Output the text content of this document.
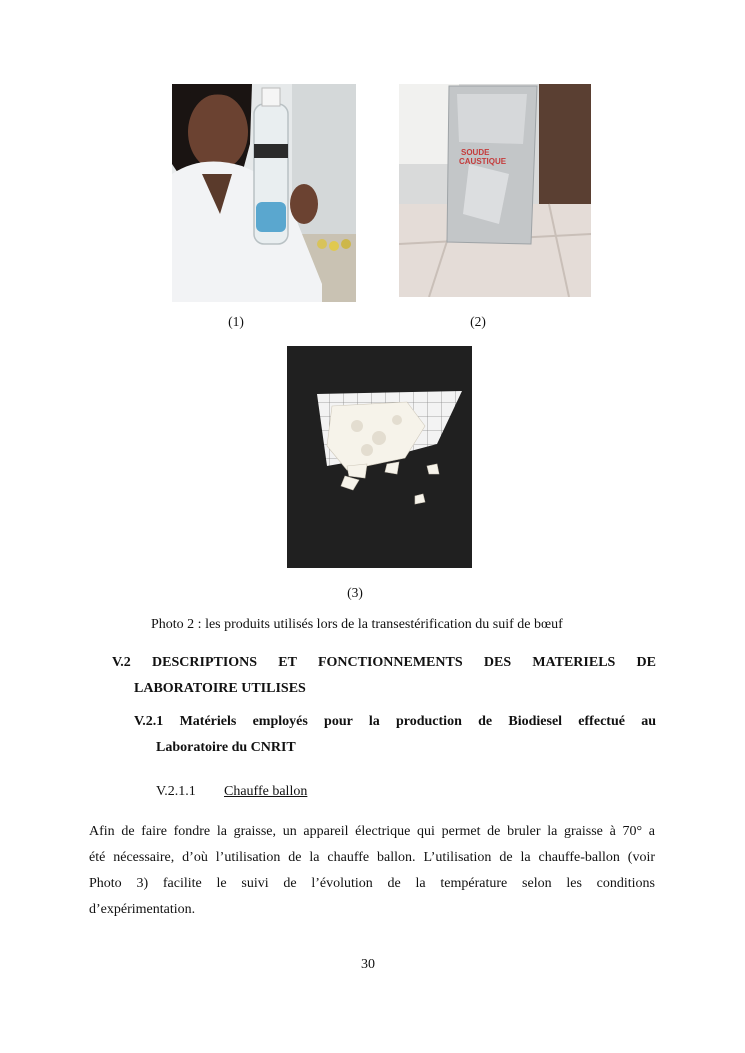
(1)
SOUDE
CAUSTIQUE
(2)
(3)
Photo 2 : les produits utilisés lors de la transestérification du suif de bœuf
V.2 DESCRIPTIONS ET FONCTIONNEMENTS DES MATERIELS DE
LABORATOIRE UTILISES
V.2.1 Matériels employés pour la production de Biodiesel effectué au
Laboratoire du CNRIT
V.2.1.1 Chauffe ballon
Afin de faire fondre la graisse, un appareil électrique qui permet de bruler la graisse à 70° a
été nécessaire, d’où l’utilisation de la chauffe ballon. L’utilisation de la chauffe-ballon (voir
Photo 3) facilite le suivi de l’évolution de la température selon les conditions
d’expérimentation.
30
